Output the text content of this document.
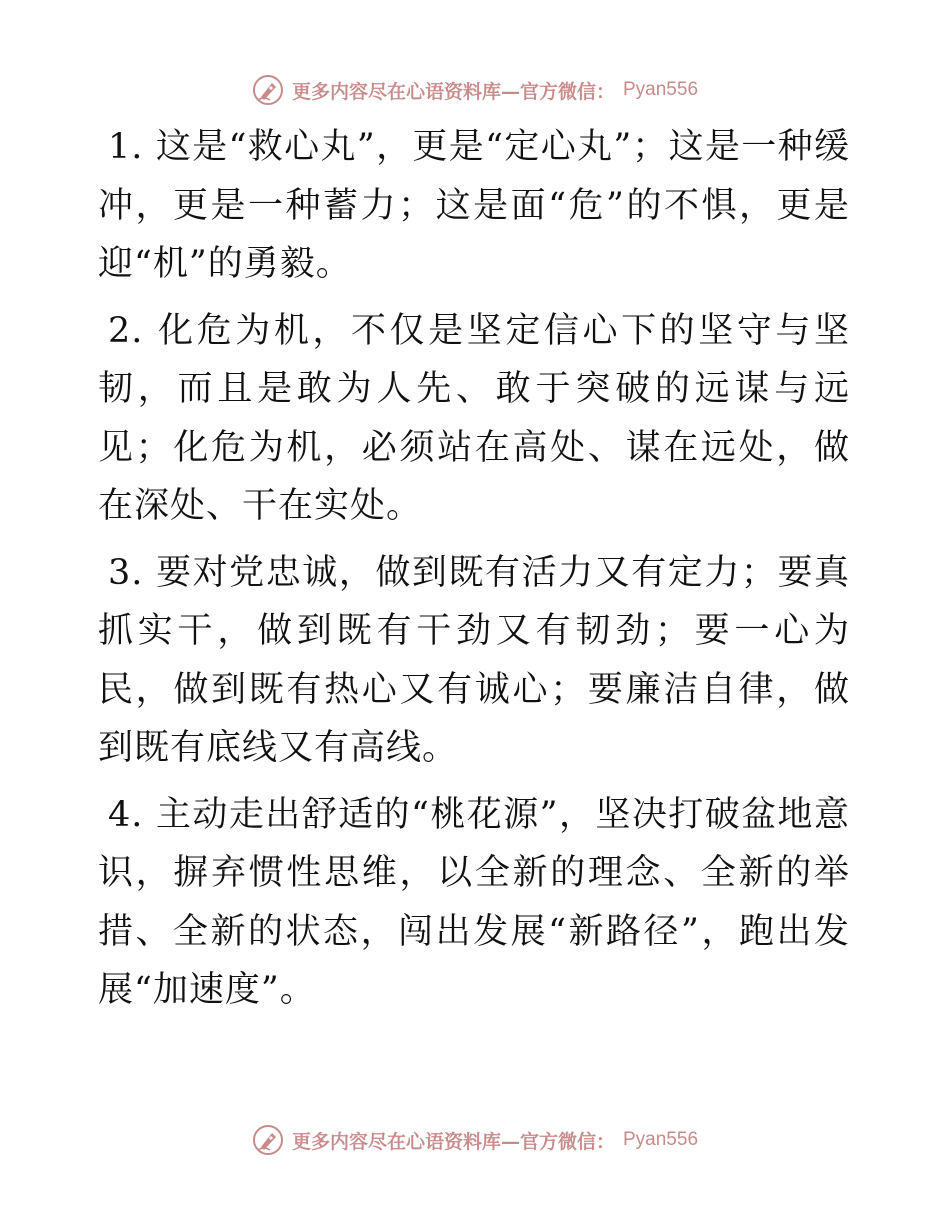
更多内容尽在心语资料库—官方微信： Pyan556

1. 这是“救心丸”，更是“定心丸”；这是一种缓冲，更是一种蓄力；这是面“危”的不惧，更是迎“机”的勇毅。

2. 化危为机，不仅是坚定信心下的坚守与坚韧，而且是敢为人先、敢于突破的远谋与远见；化危为机，必须站在高处、谋在远处，做在深处、干在实处。

3. 要对党忠诚，做到既有活力又有定力；要真抓实干，做到既有干劲又有韧劲；要一心为民，做到既有热心又有诚心；要廉洁自律，做到既有底线又有高线。

4. 主动走出舒适的“桃花源”，坚决打破盆地意识，摒弃惯性思维，以全新的理念、全新的举措、全新的状态，闯出发展“新路径”，跑出发展“加速度”。

更多内容尽在心语资料库—官方微信： Pyan556
